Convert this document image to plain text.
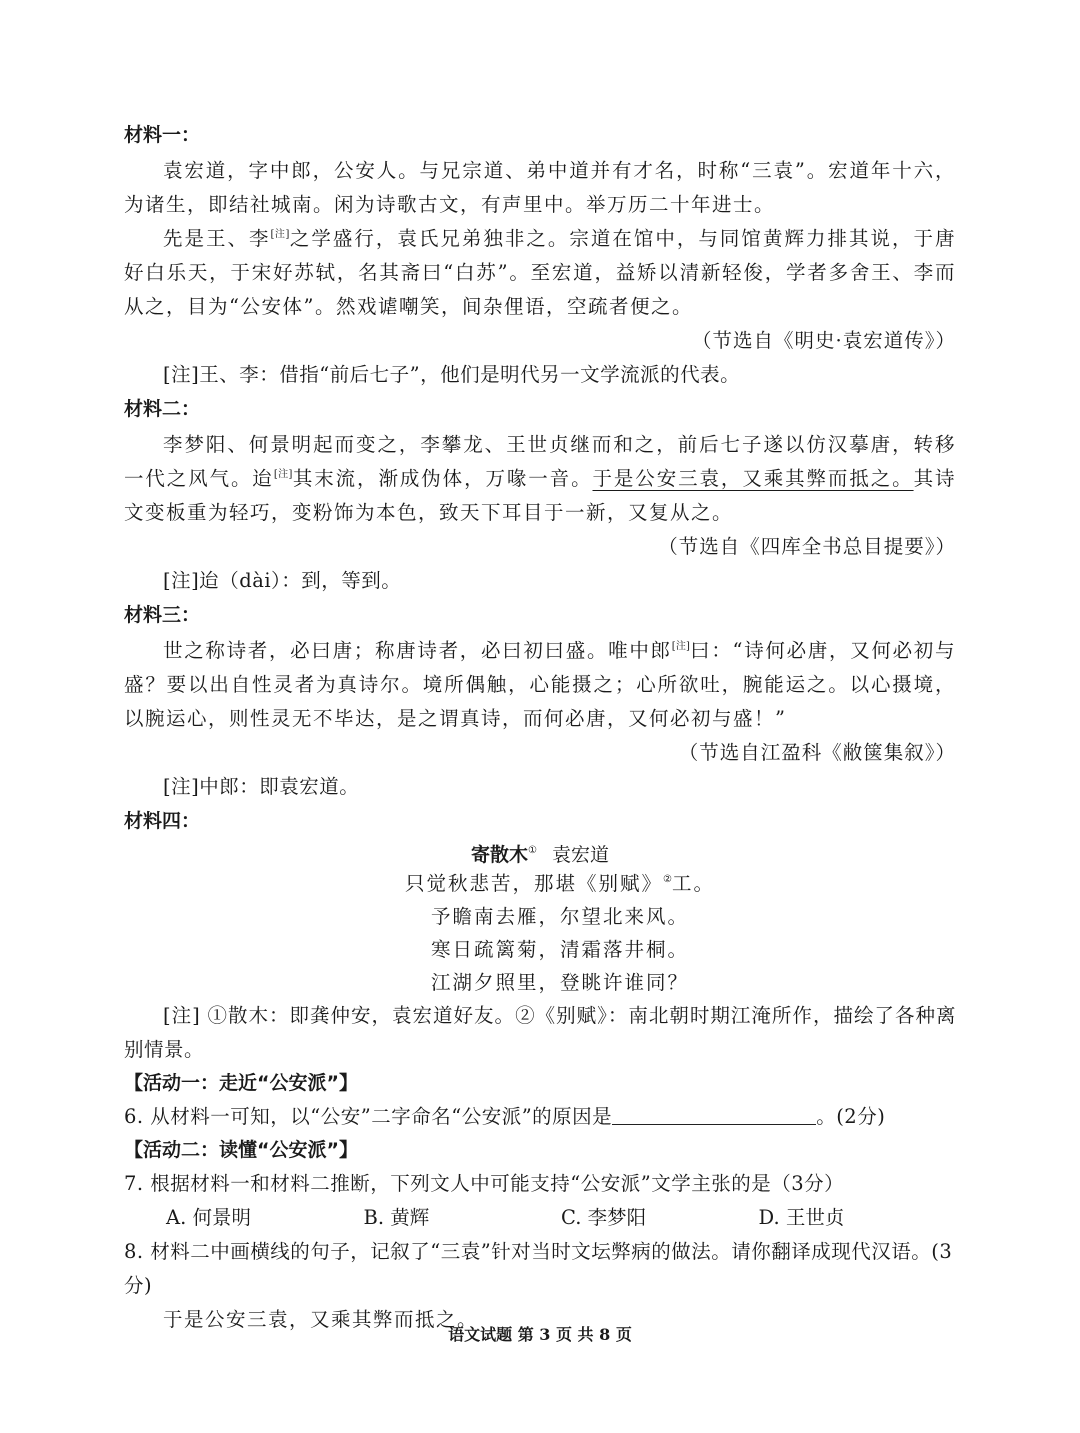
材料一：

袁宏道，字中郎，公安人。与兄宗道、弟中道并有才名，时称“三袁”。宏道年十六，为诸生，即结社城南。闲为诗歌古文，有声里中。举万历二十年进士。

先是王、李[注]之学盛行，袁氏兄弟独非之。宗道在馆中，与同馆黄辉力排其说，于唐好白乐天，于宋好苏轼，名其斋曰“白苏”。至宏道，益矫以清新轻俊，学者多舍王、李而从之，目为“公安体”。然戏谑嘲笑，间杂俚语，空疏者便之。

（节选自《明史·袁宏道传》）

[注]王、李：借指“前后七子”，他们是明代另一文学流派的代表。

材料二：

李梦阳、何景明起而变之，李攀龙、王世贞继而和之，前后七子遂以仿汉摹唐，转移一代之风气。迨[注]其末流，渐成伪体，万喙一音。于是公安三袁，又乘其弊而抵之。其诗文变板重为轻巧，变粉饰为本色，致天下耳目于一新，又复从之。

（节选自《四库全书总目提要》）

[注]迨（dài）：到，等到。

材料三：

世之称诗者，必曰唐；称唐诗者，必曰初曰盛。唯中郎[注]曰：“诗何必唐，又何必初与盛？要以出自性灵者为真诗尔。境所偶触，心能摄之；心所欲吐，腕能运之。以心摄境，以腕运心，则性灵无不毕达，是之谓真诗，而何必唐，又何必初与盛！”

（节选自江盈科《敝箧集叙》）

[注]中郎：即袁宏道。

材料四：
寄散木① 袁宏道
只觉秋悲苦，那堪《别赋》②工。
予瞻南去雁，尔望北来风。
寒日疏篱菊，清霜落井桐。
江湖夕照里，登眺许谁同？

[注] ①散木：即龚仲安，袁宏道好友。②《别赋》：南北朝时期江淹所作，描绘了各种离别情景。

【活动一：走近“公安派”】
6. 从材料一可知，以“公安”二字命名“公安派”的原因是	。(2分)
【活动二：读懂“公安派”】
7. 根据材料一和材料二推断，下列文人中可能支持“公安派”文学主张的是（3分）
A. 何景明	B. 黄辉	C. 李梦阳	D. 王世贞
8. 材料二中画横线的句子，记叙了“三袁”针对当时文坛弊病的做法。请你翻译成现代汉语。(3分)

于是公安三袁，又乘其弊而抵之。

语文试题 第 3 页 共 8 页
